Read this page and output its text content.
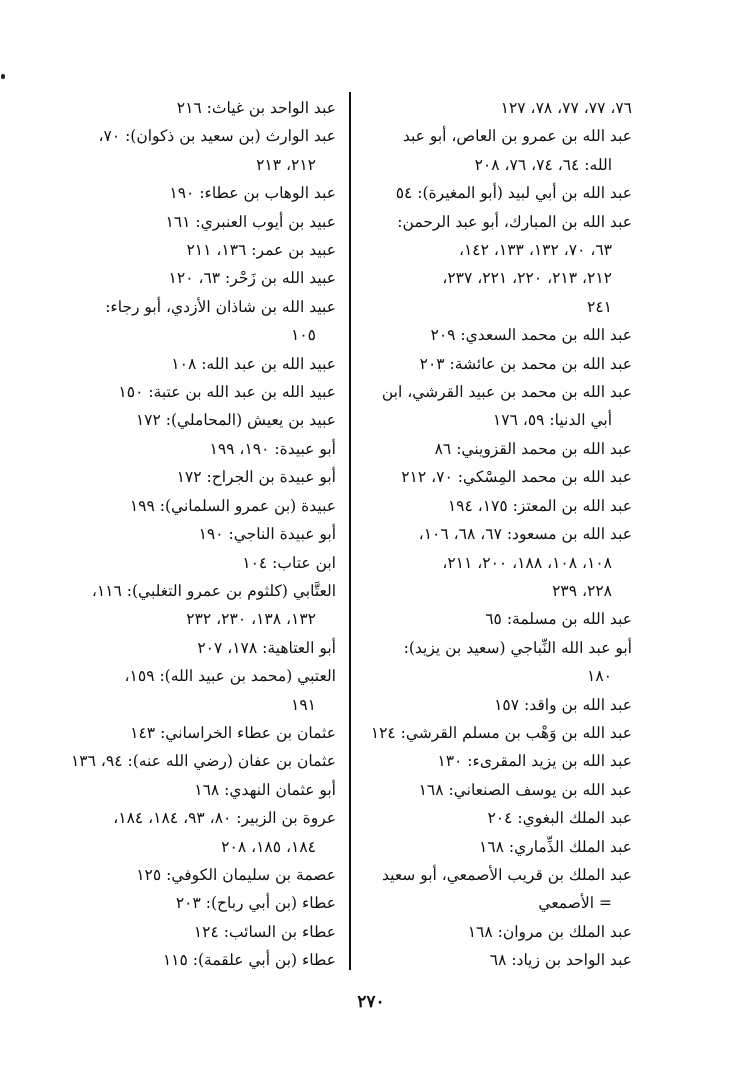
٧٦، ٧٧، ٧٧، ٧٨، ١٢٧
عبد الله بن عمرو بن العاص، أبو عبد
الله: ٦٤، ٧٤، ٧٦، ٢٠٨
عبد الله بن أبي لبيد (أبو المغيرة): ٥٤
عبد الله بن المبارك، أبو عبد الرحمن:
٦٣، ٧٠، ١٣٢، ١٣٣، ١٤٢،
٢١٢، ٢١٣، ٢٢٠، ٢٢١، ٢٣٧،
٢٤١
عبد الله بن محمد السعدي: ٢٠٩
عبد الله بن محمد بن عائشة: ٢٠٣
عبد الله بن محمد بن عبيد القرشي، ابن
أبي الدنيا: ٥٩، ١٧٦
عبد الله بن محمد القزويني: ٨٦
عبد الله بن محمد المِسْكي: ٧٠، ٢١٢
عبد الله بن المعتز: ١٧٥، ١٩٤
عبد الله بن مسعود: ٦٧، ٦٨، ١٠٦،
١٠٨، ١٠٨، ١٨٨، ٢٠٠، ٢١١،
٢٢٨، ٢٣٩
عبد الله بن مسلمة: ٦٥
أبو عبد الله النِّباجي (سعيد بن يزيد):
١٨٠
عبد الله بن واقد: ١٥٧
عبد الله بن وَهْب بن مسلم القرشي: ١٢٤
عبد الله بن يزيد المقرىء: ١٣٠
عبد الله بن يوسف الصنعاني: ١٦٨
عبد الملك البغوي: ٢٠٤
عبد الملك الذِّماري: ١٦٨
عبد الملك بن قريب الأصمعي، أبو سعيد
= الأصمعي
عبد الملك بن مروان: ١٦٨
عبد الواحد بن زياد: ٦٨
عبد الواحد بن غياث: ٢١٦
عبد الوارث (بن سعيد بن ذكوان): ٧٠،
٢١٢، ٢١٣
عبد الوهاب بن عطاء: ١٩٠
عبيد بن أيوب العنبري: ١٦١
عبيد بن عمر: ١٣٦، ٢١١
عبيد الله بن زَحْر: ٦٣، ١٢٠
عبيد الله بن شاذان الأزدي، أبو رجاء:
١٠٥
عبيد الله بن عبد الله: ١٠٨
عبيد الله بن عبد الله بن عتبة: ١٥٠
عبيد بن يعيش (المحاملي): ١٧٢
أبو عبيدة: ١٩٠، ١٩٩
أبو عبيدة بن الجراح: ١٧٢
عبيدة (بن عمرو السلماني): ١٩٩
أبو عبيدة الناجي: ١٩٠
ابن عتاب: ١٠٤
العتَّابي (كلثوم بن عمرو التغلبي): ١١٦،
١٣٢، ١٣٨، ٢٣٠، ٢٣٢
أبو العتاهية: ١٧٨، ٢٠٧
العتبي (محمد بن عبيد الله): ١٥٩،
١٩١
عثمان بن عطاء الخراساني: ١٤٣
عثمان بن عفان (رضي الله عنه): ٩٤، ١٣٦
أبو عثمان النهدي: ١٦٨
عروة بن الزبير: ٨٠، ٩٣، ١٨٤، ١٨٤،
١٨٤، ١٨٥، ٢٠٨
عصمة بن سليمان الكوفي: ١٢٥
عطاء (بن أبي رباح): ٢٠٣
عطاء بن السائب: ١٢٤
عطاء (بن أبي علقمة): ١١٥
٢٧٠
